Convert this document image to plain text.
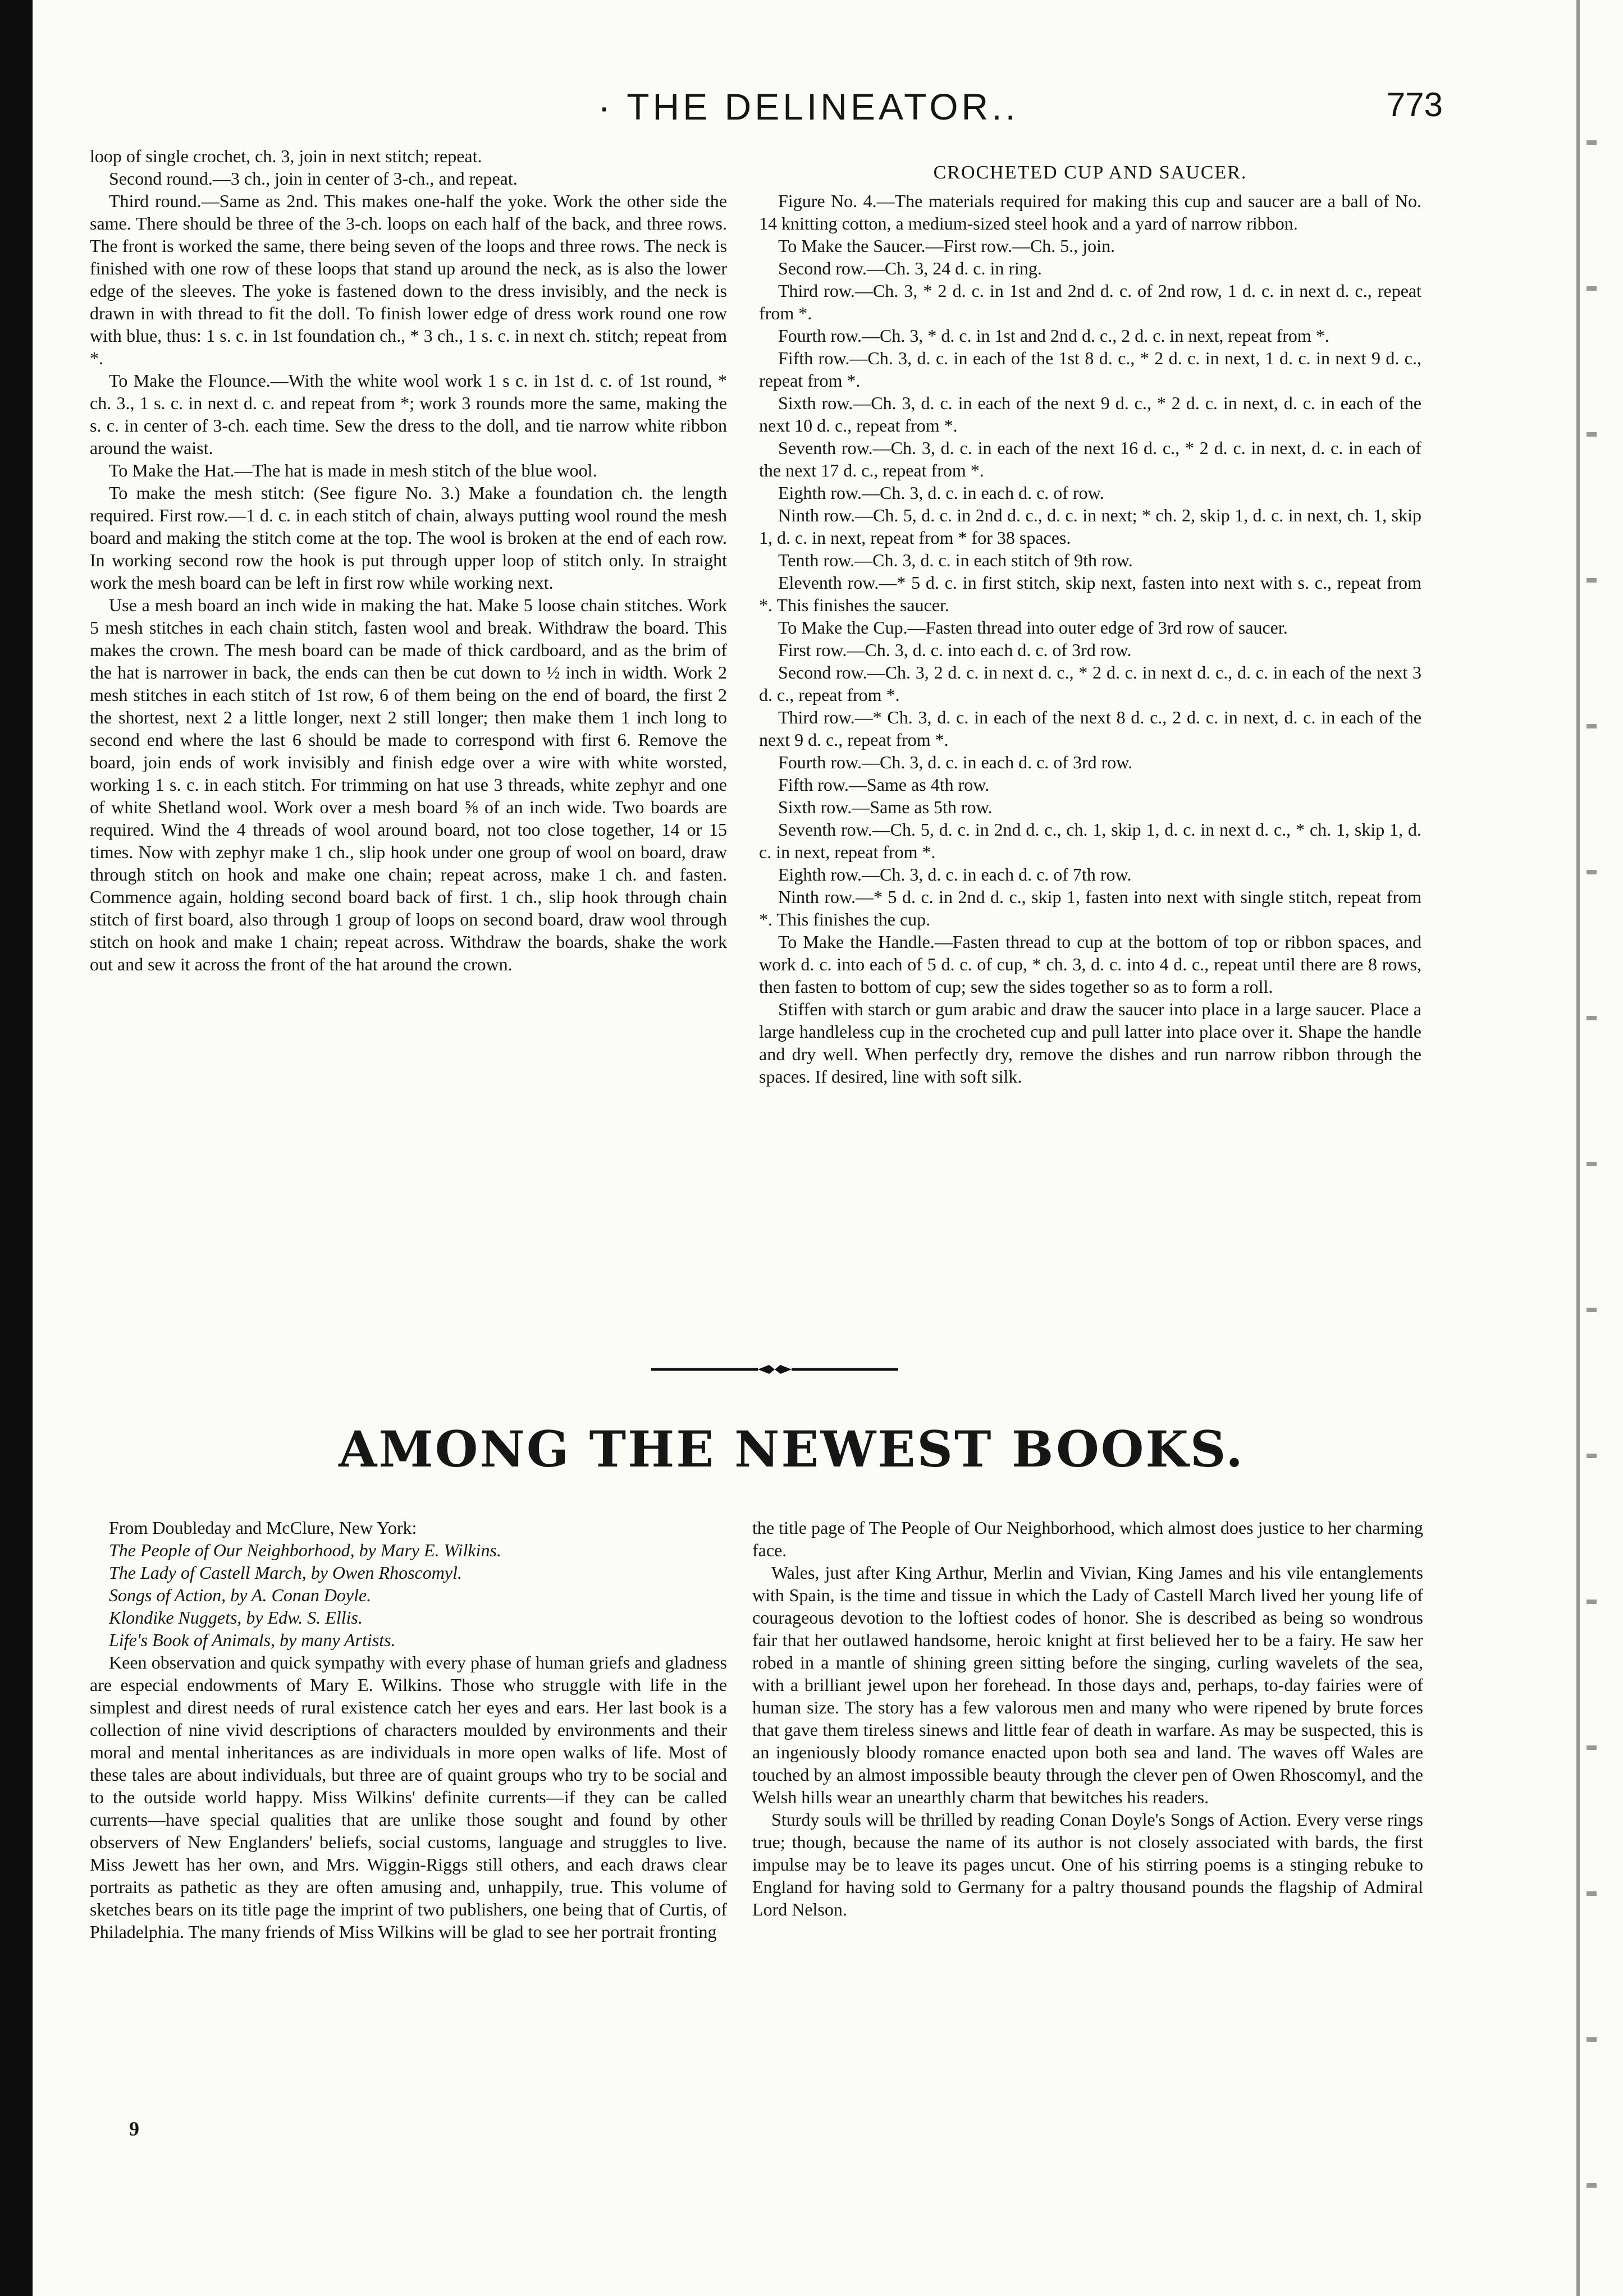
· THE DELINEATOR..	773

loop of single crochet, ch. 3, join in next stitch; repeat.

Second round.—3 ch., join in center of 3-ch., and repeat.

Third round.—Same as 2nd. This makes one-half the yoke. Work the other side the same. There should be three of the 3-ch. loops on each half of the back, and three rows. The front is worked the same, there being seven of the loops and three rows. The neck is finished with one row of these loops that stand up around the neck, as is also the lower edge of the sleeves. The yoke is fastened down to the dress invisibly, and the neck is drawn in with thread to fit the doll. To finish lower edge of dress work round one row with blue, thus: 1 s. c. in 1st foundation ch., * 3 ch., 1 s. c. in next ch. stitch; repeat from *.

To Make the Flounce.—With the white wool work 1 s c. in 1st d. c. of 1st round, * ch. 3., 1 s. c. in next d. c. and repeat from *; work 3 rounds more the same, making the s. c. in center of 3-ch. each time. Sew the dress to the doll, and tie narrow white ribbon around the waist.

To Make the Hat.—The hat is made in mesh stitch of the blue wool.

To make the mesh stitch: (See figure No. 3.) Make a foundation ch. the length required. First row.—1 d. c. in each stitch of chain, always putting wool round the mesh board and making the stitch come at the top. The wool is broken at the end of each row. In working second row the hook is put through upper loop of stitch only. In straight work the mesh board can be left in first row while working next.

Use a mesh board an inch wide in making the hat. Make 5 loose chain stitches. Work 5 mesh stitches in each chain stitch, fasten wool and break. Withdraw the board. This makes the crown. The mesh board can be made of thick cardboard, and as the brim of the hat is narrower in back, the ends can then be cut down to ½ inch in width. Work 2 mesh stitches in each stitch of 1st row, 6 of them being on the end of board, the first 2 the shortest, next 2 a little longer, next 2 still longer; then make them 1 inch long to second end where the last 6 should be made to correspond with first 6. Remove the board, join ends of work invisibly and finish edge over a wire with white worsted, working 1 s. c. in each stitch. For trimming on hat use 3 threads, white zephyr and one of white Shetland wool. Work over a mesh board ⅝ of an inch wide. Two boards are required. Wind the 4 threads of wool around board, not too close together, 14 or 15 times. Now with zephyr make 1 ch., slip hook under one group of wool on board, draw through stitch on hook and make one chain; repeat across, make 1 ch. and fasten. Commence again, holding second board back of first. 1 ch., slip hook through chain stitch of first board, also through 1 group of loops on second board, draw wool through stitch on hook and make 1 chain; repeat across. Withdraw the boards, shake the work out and sew it across the front of the hat around the crown.

CROCHETED CUP AND SAUCER.

Figure No. 4.—The materials required for making this cup and saucer are a ball of No. 14 knitting cotton, a medium-sized steel hook and a yard of narrow ribbon.

To Make the Saucer.—First row.—Ch. 5., join.

Second row.—Ch. 3, 24 d. c. in ring.

Third row.—Ch. 3, * 2 d. c. in 1st and 2nd d. c. of 2nd row, 1 d. c. in next d. c., repeat from *.

Fourth row.—Ch. 3, * d. c. in 1st and 2nd d. c., 2 d. c. in next, repeat from *.

Fifth row.—Ch. 3, d. c. in each of the 1st 8 d. c., * 2 d. c. in next, 1 d. c. in next 9 d. c., repeat from *.

Sixth row.—Ch. 3, d. c. in each of the next 9 d. c., * 2 d. c. in next, d. c. in each of the next 10 d. c., repeat from *.

Seventh row.—Ch. 3, d. c. in each of the next 16 d. c., * 2 d. c. in next, d. c. in each of the next 17 d. c., repeat from *.

Eighth row.—Ch. 3, d. c. in each d. c. of row.

Ninth row.—Ch. 5, d. c. in 2nd d. c., d. c. in next; * ch. 2, skip 1, d. c. in next, ch. 1, skip 1, d. c. in next, repeat from * for 38 spaces.

Tenth row.—Ch. 3, d. c. in each stitch of 9th row.

Eleventh row.—* 5 d. c. in first stitch, skip next, fasten into next with s. c., repeat from *. This finishes the saucer.

To Make the Cup.—Fasten thread into outer edge of 3rd row of saucer.

First row.—Ch. 3, d. c. into each d. c. of 3rd row.

Second row.—Ch. 3, 2 d. c. in next d. c., * 2 d. c. in next d. c., d. c. in each of the next 3 d. c., repeat from *.

Third row.—* Ch. 3, d. c. in each of the next 8 d. c., 2 d. c. in next, d. c. in each of the next 9 d. c., repeat from *.

Fourth row.—Ch. 3, d. c. in each d. c. of 3rd row.

Fifth row.—Same as 4th row.

Sixth row.—Same as 5th row.

Seventh row.—Ch. 5, d. c. in 2nd d. c., ch. 1, skip 1, d. c. in next d. c., * ch. 1, skip 1, d. c. in next, repeat from *.

Eighth row.—Ch. 3, d. c. in each d. c. of 7th row.

Ninth row.—* 5 d. c. in 2nd d. c., skip 1, fasten into next with single stitch, repeat from *. This finishes the cup.

To Make the Handle.—Fasten thread to cup at the bottom of top or ribbon spaces, and work d. c. into each of 5 d. c. of cup, * ch. 3, d. c. into 4 d. c., repeat until there are 8 rows, then fasten to bottom of cup; sew the sides together so as to form a roll.

Stiffen with starch or gum arabic and draw the saucer into place in a large saucer. Place a large handleless cup in the crocheted cup and pull latter into place over it. Shape the handle and dry well. When perfectly dry, remove the dishes and run narrow ribbon through the spaces. If desired, line with soft silk.

AMONG THE NEWEST BOOKS.

From Doubleday and McClure, New York:

The People of Our Neighborhood, by Mary E. Wilkins.

The Lady of Castell March, by Owen Rhoscomyl.

Songs of Action, by A. Conan Doyle.

Klondike Nuggets, by Edw. S. Ellis.

Life's Book of Animals, by many Artists.

Keen observation and quick sympathy with every phase of human griefs and gladness are especial endowments of Mary E. Wilkins. Those who struggle with life in the simplest and direst needs of rural existence catch her eyes and ears. Her last book is a collection of nine vivid descriptions of characters moulded by environments and their moral and mental inheritances as are individuals in more open walks of life. Most of these tales are about individuals, but three are of quaint groups who try to be social and to the outside world happy. Miss Wilkins' definite currents—if they can be called currents—have special qualities that are unlike those sought and found by other observers of New Englanders' beliefs, social customs, language and struggles to live. Miss Jewett has her own, and Mrs. Wiggin-Riggs still others, and each draws clear portraits as pathetic as they are often amusing and, unhappily, true. This volume of sketches bears on its title page the imprint of two publishers, one being that of Curtis, of Philadelphia. The many friends of Miss Wilkins will be glad to see her portrait fronting

9

the title page of The People of Our Neighborhood, which almost does justice to her charming face.

Wales, just after King Arthur, Merlin and Vivian, King James and his vile entanglements with Spain, is the time and tissue in which the Lady of Castell March lived her young life of courageous devotion to the loftiest codes of honor. She is described as being so wondrous fair that her outlawed handsome, heroic knight at first believed her to be a fairy. He saw her robed in a mantle of shining green sitting before the singing, curling wavelets of the sea, with a brilliant jewel upon her forehead. In those days and, perhaps, to-day fairies were of human size. The story has a few valorous men and many who were ripened by brute forces that gave them tireless sinews and little fear of death in warfare. As may be suspected, this is an ingeniously bloody romance enacted upon both sea and land. The waves off Wales are touched by an almost impossible beauty through the clever pen of Owen Rhoscomyl, and the Welsh hills wear an unearthly charm that bewitches his readers.

Sturdy souls will be thrilled by reading Conan Doyle's Songs of Action. Every verse rings true; though, because the name of its author is not closely associated with bards, the first impulse may be to leave its pages uncut. One of his stirring poems is a stinging rebuke to England for having sold to Germany for a paltry thousand pounds the flagship of Admiral Lord Nelson.
